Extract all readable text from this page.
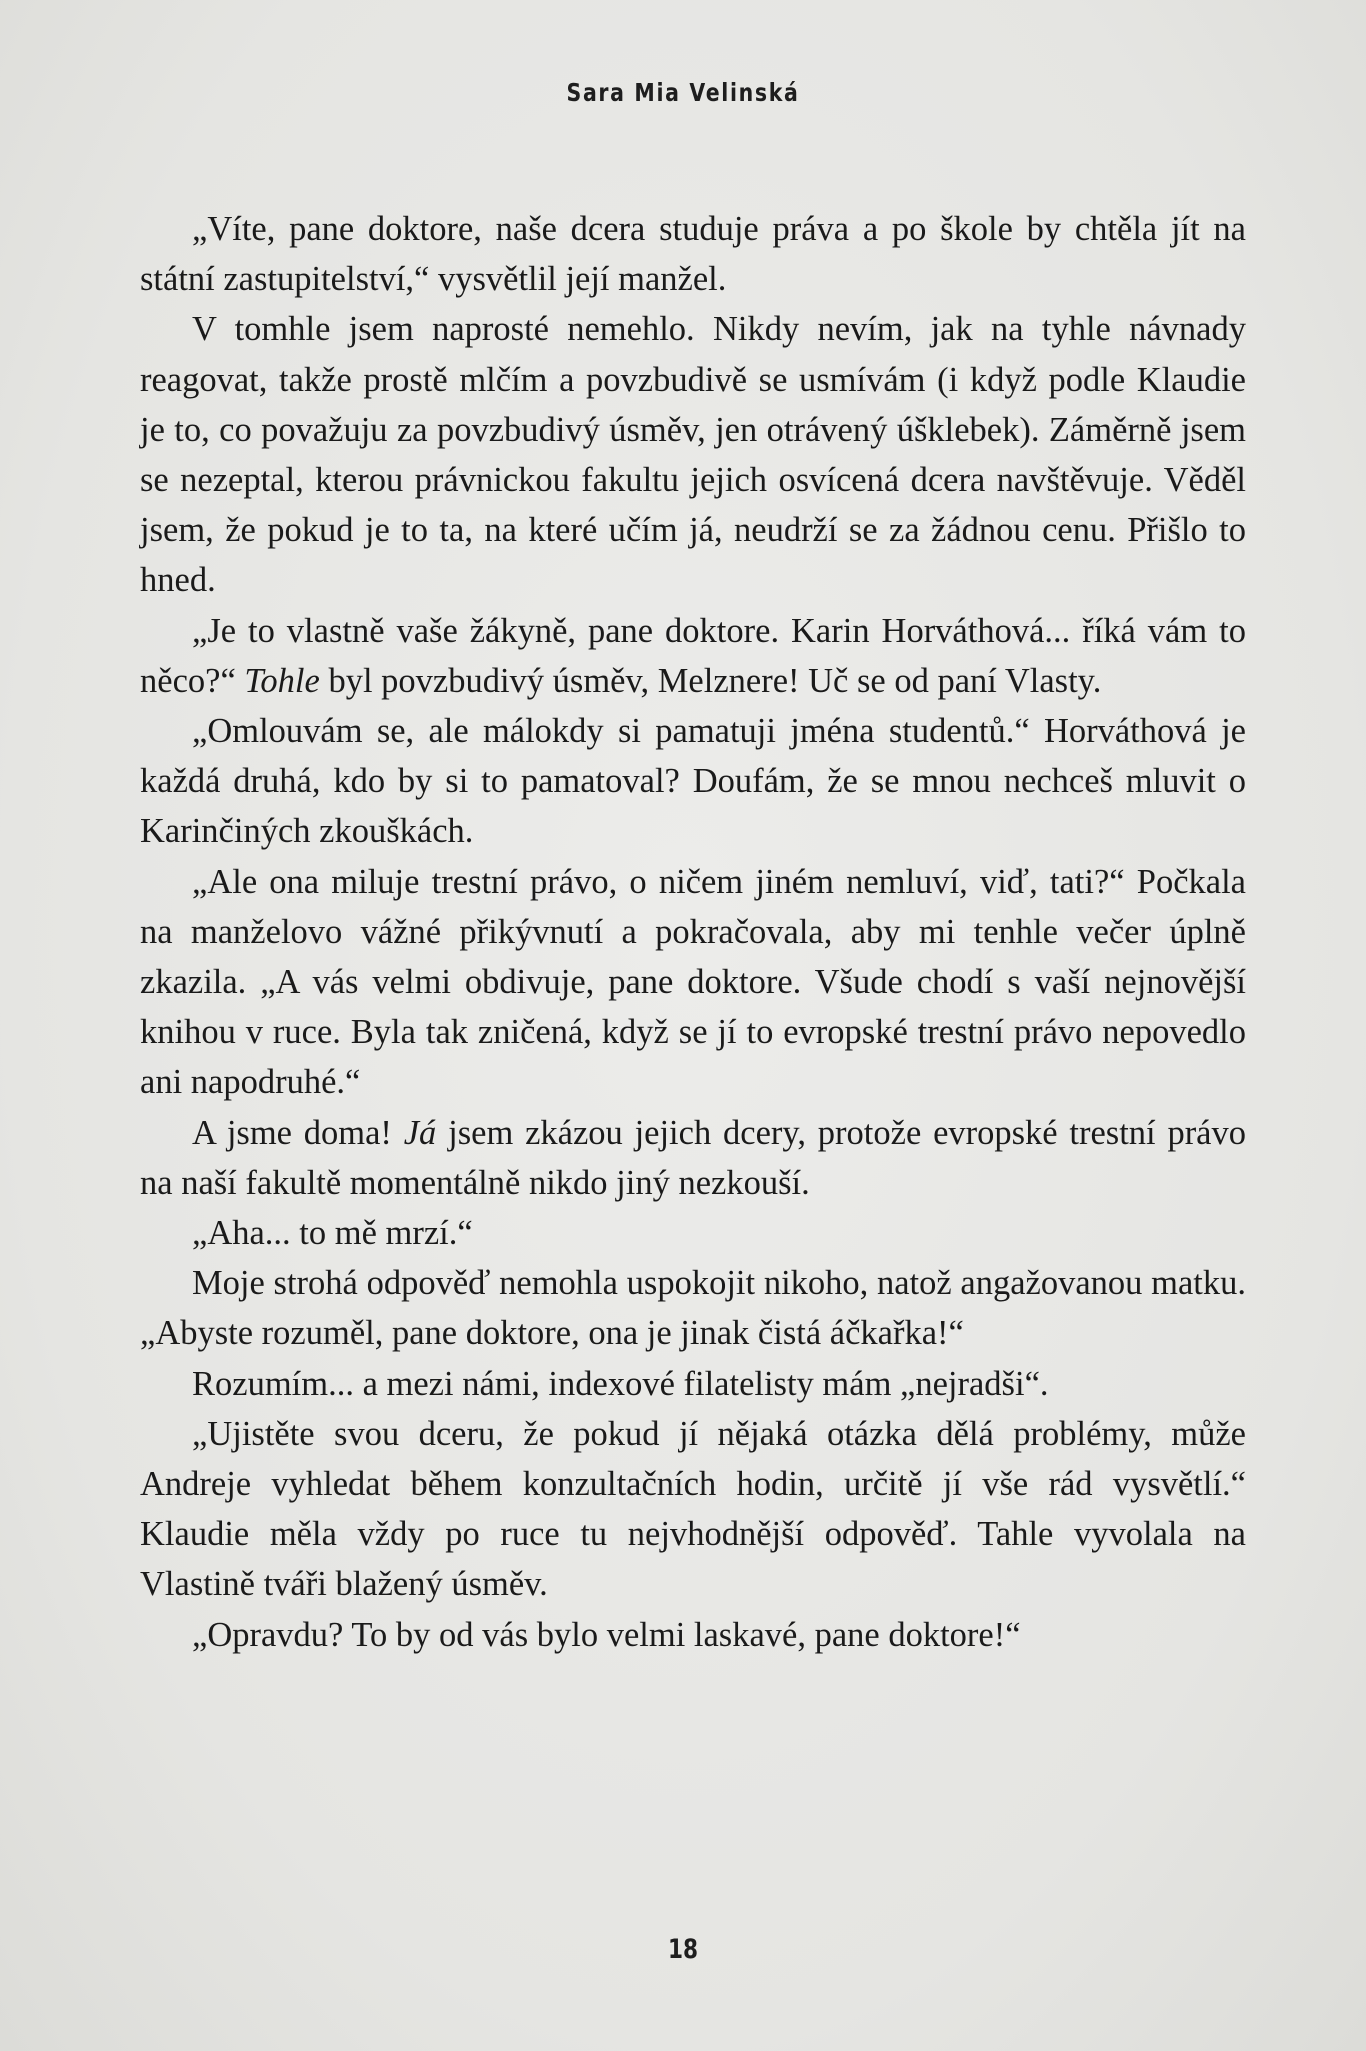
Sara Mia Velinská

„Víte, pane doktore, naše dcera studuje práva a po škole by chtěla jít na státní zastupitelství,“ vysvětlil její manžel.

V tomhle jsem naprosté nemehlo. Nikdy nevím, jak na tyhle návnady reagovat, takže prostě mlčím a povzbudivě se usmívám (i když podle Klaudie je to, co považuju za povzbudivý úsměv, jen otrávený úšklebek). Záměrně jsem se nezeptal, kterou právnickou fakultu jejich osvícená dcera navštěvuje. Věděl jsem, že pokud je to ta, na které učím já, neudrží se za žádnou cenu. Přišlo to hned.

„Je to vlastně vaše žákyně, pane doktore. Karin Horváthová... říká vám to něco?“ Tohle byl povzbudivý úsměv, Melznere! Uč se od paní Vlasty.

„Omlouvám se, ale málokdy si pamatuji jména studentů.“ Horváthová je každá druhá, kdo by si to pamatoval? Doufám, že se mnou nechceš mluvit o Karinčiných zkouškách.

„Ale ona miluje trestní právo, o ničem jiném nemluví, viď, tati?“ Počkala na manželovo vážné přikývnutí a pokračovala, aby mi tenhle večer úplně zkazila. „A vás velmi obdivuje, pane doktore. Všude chodí s vaší nejnovější knihou v ruce. Byla tak zničená, když se jí to evropské trestní právo nepovedlo ani napodruhé.“

A jsme doma! Já jsem zkázou jejich dcery, protože evropské trestní právo na naší fakultě momentálně nikdo jiný nezkouší.

„Aha... to mě mrzí.“

Moje strohá odpověď nemohla uspokojit nikoho, natož angažovanou matku. „Abyste rozuměl, pane doktore, ona je jinak čistá áčkařka!“

Rozumím... a mezi námi, indexové filatelisty mám „nejradši“.

„Ujistěte svou dceru, že pokud jí nějaká otázka dělá problémy, může Andreje vyhledat během konzultačních hodin, určitě jí vše rád vysvětlí.“ Klaudie měla vždy po ruce tu nejvhodnější odpověď. Tahle vyvolala na Vlastině tváři blažený úsměv.

„Opravdu? To by od vás bylo velmi laskavé, pane doktore!“

18
